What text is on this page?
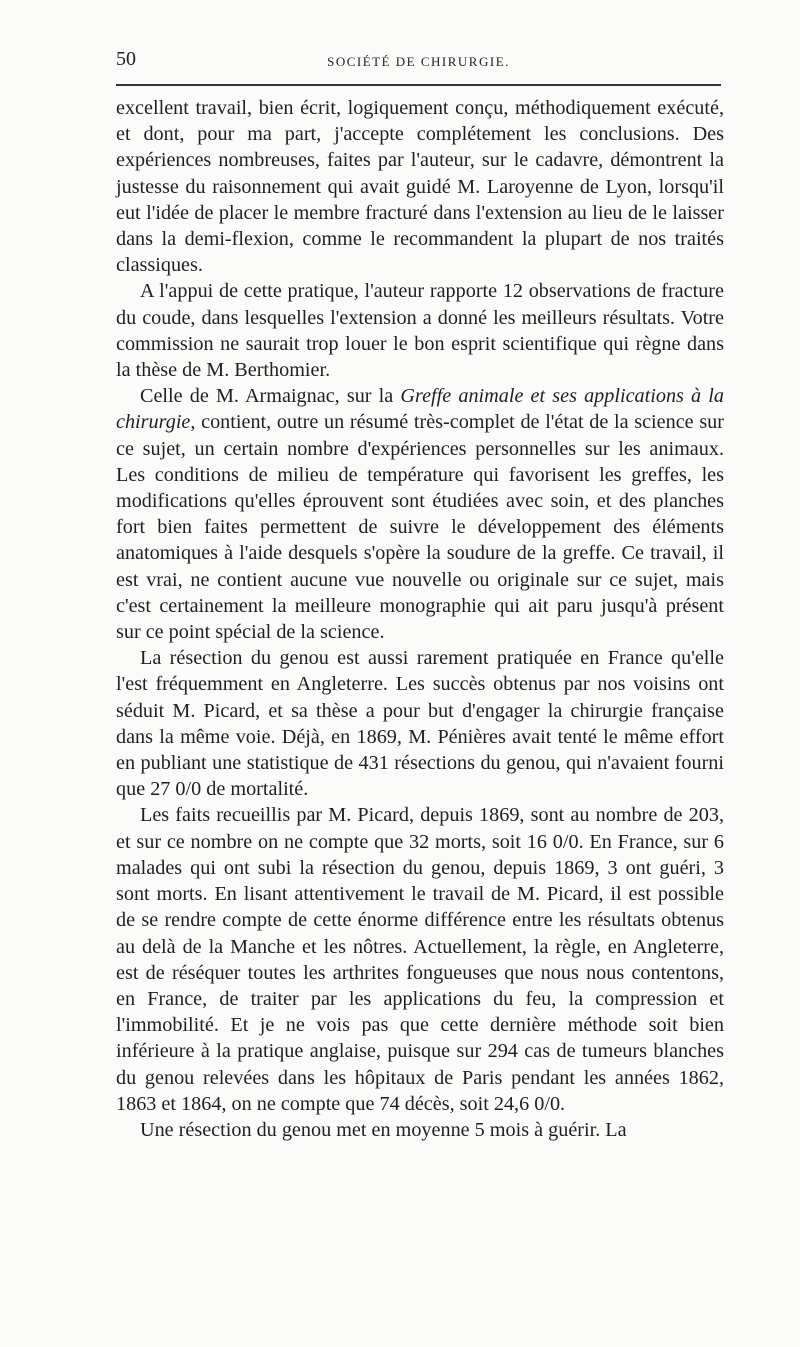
50	SOCIÉTÉ DE CHIRURGIE.

excellent travail, bien écrit, logiquement conçu, méthodiquement exécuté, et dont, pour ma part, j'accepte complétement les conclusions. Des expériences nombreuses, faites par l'auteur, sur le cadavre, démontrent la justesse du raisonnement qui avait guidé M. Laroyenne de Lyon, lorsqu'il eut l'idée de placer le membre fracturé dans l'extension au lieu de le laisser dans la demi-flexion, comme le recommandent la plupart de nos traités classiques.

A l'appui de cette pratique, l'auteur rapporte 12 observations de fracture du coude, dans lesquelles l'extension a donné les meilleurs résultats. Votre commission ne saurait trop louer le bon esprit scientifique qui règne dans la thèse de M. Berthomier.

Celle de M. Armaignac, sur la Greffe animale et ses applications à la chirurgie, contient, outre un résumé très-complet de l'état de la science sur ce sujet, un certain nombre d'expériences personnelles sur les animaux. Les conditions de milieu de température qui favorisent les greffes, les modifications qu'elles éprouvent sont étudiées avec soin, et des planches fort bien faites permettent de suivre le développement des éléments anatomiques à l'aide desquels s'opère la soudure de la greffe. Ce travail, il est vrai, ne contient aucune vue nouvelle ou originale sur ce sujet, mais c'est certainement la meilleure monographie qui ait paru jusqu'à présent sur ce point spécial de la science.

La résection du genou est aussi rarement pratiquée en France qu'elle l'est fréquemment en Angleterre. Les succès obtenus par nos voisins ont séduit M. Picard, et sa thèse a pour but d'engager la chirurgie française dans la même voie. Déjà, en 1869, M. Pénières avait tenté le même effort en publiant une statistique de 431 résections du genou, qui n'avaient fourni que 27 0/0 de mortalité.

Les faits recueillis par M. Picard, depuis 1869, sont au nombre de 203, et sur ce nombre on ne compte que 32 morts, soit 16 0/0. En France, sur 6 malades qui ont subi la résection du genou, depuis 1869, 3 ont guéri, 3 sont morts. En lisant attentivement le travail de M. Picard, il est possible de se rendre compte de cette énorme différence entre les résultats obtenus au delà de la Manche et les nôtres. Actuellement, la règle, en Angleterre, est de réséquer toutes les arthrites fongueuses que nous nous contentons, en France, de traiter par les applications du feu, la compression et l'immobilité. Et je ne vois pas que cette dernière méthode soit bien inférieure à la pratique anglaise, puisque sur 294 cas de tumeurs blanches du genou relevées dans les hôpitaux de Paris pendant les années 1862, 1863 et 1864, on ne compte que 74 décès, soit 24,6 0/0.

Une résection du genou met en moyenne 5 mois à guérir. La
